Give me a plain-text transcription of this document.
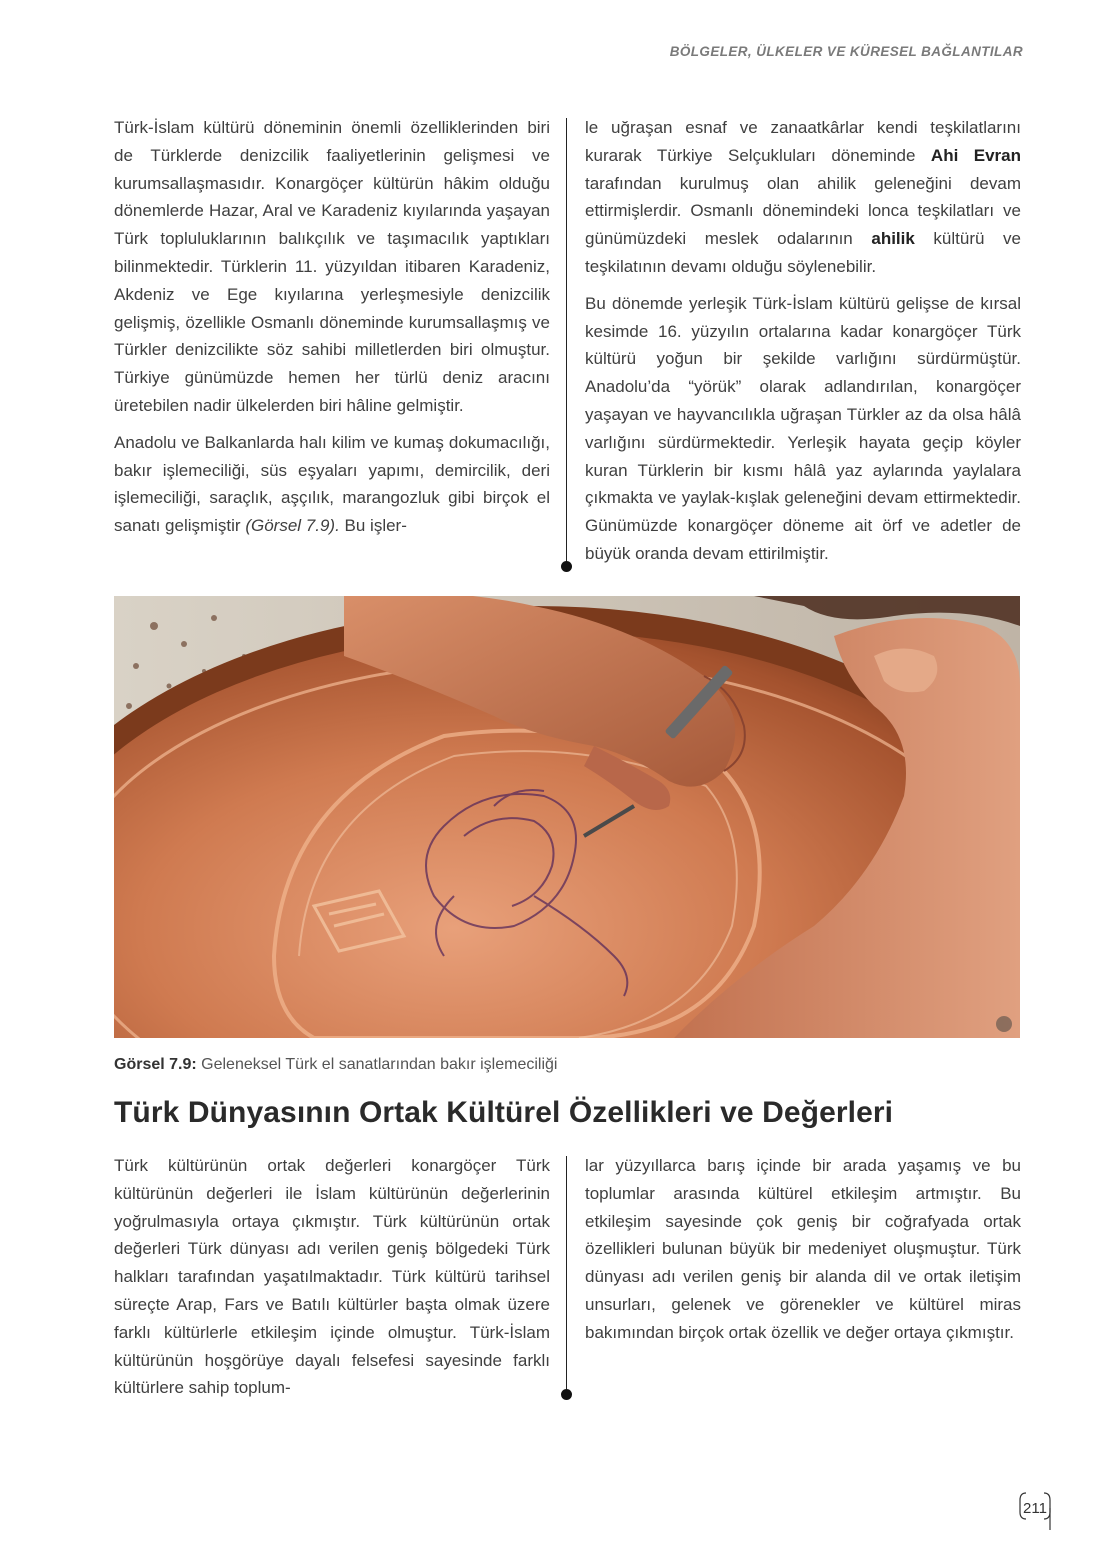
BÖLGELER, ÜLKELER VE KÜRESEL BAĞLANTILAR

Türk-İslam kültürü döneminin önemli özelliklerinden biri de Türklerde denizcilik faaliyetlerinin gelişmesi ve kurumsallaşmasıdır. Konargöçer kültürün hâkim olduğu dönemlerde Hazar, Aral ve Karadeniz kıyılarında yaşayan Türk topluluklarının balıkçılık ve taşımacılık yaptıkları bilinmektedir. Türklerin 11. yüzyıldan itibaren Karadeniz, Akdeniz ve Ege kıyılarına yerleşmesiyle denizcilik gelişmiş, özellikle Osmanlı döneminde kurumsallaşmış ve Türkler denizcilikte söz sahibi milletlerden biri olmuştur. Türkiye günümüzde hemen her türlü deniz aracını üretebilen nadir ülkelerden biri hâline gelmiştir.

Anadolu ve Balkanlarda halı kilim ve kumaş dokumacılığı, bakır işlemeciliği, süs eşyaları yapımı, demircilik, deri işlemeciliği, saraçlık, aşçılık, marangozluk gibi birçok el sanatı gelişmiştir (Görsel 7.9). Bu işler-

le uğraşan esnaf ve zanaatkârlar kendi teşkilatlarını kurarak Türkiye Selçukluları döneminde Ahi Evran tarafından kurulmuş olan ahilik geleneğini devam ettirmişlerdir. Osmanlı dönemindeki lonca teşkilatları ve günümüzdeki meslek odalarının ahilik kültürü ve teşkilatının devamı olduğu söylenebilir.

Bu dönemde yerleşik Türk-İslam kültürü gelişse de kırsal kesimde 16. yüzyılın ortalarına kadar konargöçer Türk kültürü yoğun bir şekilde varlığını sürdürmüştür. Anadolu’da “yörük” olarak adlandırılan, konargöçer yaşayan ve hayvancılıkla uğraşan Türkler az da olsa hâlâ varlığını sürdürmektedir. Yerleşik hayata geçip köyler kuran Türklerin bir kısmı hâlâ yaz aylarında yaylalara çıkmakta ve yaylak-kışlak geleneğini devam ettirmektedir. Günümüzde konargöçer döneme ait örf ve adetler de büyük oranda devam ettirilmiştir.

Görsel 7.9: Geleneksel Türk el sanatlarından bakır işlemeciliği
Türk Dünyasının Ortak Kültürel Özellikleri ve Değerleri

Türk kültürünün ortak değerleri konargöçer Türk kültürünün değerleri ile İslam kültürünün değerlerinin yoğrulmasıyla ortaya çıkmıştır. Türk kültürünün ortak değerleri Türk dünyası adı verilen geniş bölgedeki Türk halkları tarafından yaşatılmaktadır. Türk kültürü tarihsel süreçte Arap, Fars ve Batılı kültürler başta olmak üzere farklı kültürlerle etkileşim içinde olmuştur. Türk-İslam kültürünün hoşgörüye dayalı felsefesi sayesinde farklı kültürlere sahip toplum-

lar yüzyıllarca barış içinde bir arada yaşamış ve bu toplumlar arasında kültürel etkileşim artmıştır. Bu etkileşim sayesinde çok geniş bir coğrafyada ortak özellikleri bulunan büyük bir medeniyet oluşmuştur. Türk dünyası adı verilen geniş bir alanda dil ve ortak iletişim unsurları, gelenek ve görenekler ve kültürel miras bakımından birçok ortak özellik ve değer ortaya çıkmıştır.

211
